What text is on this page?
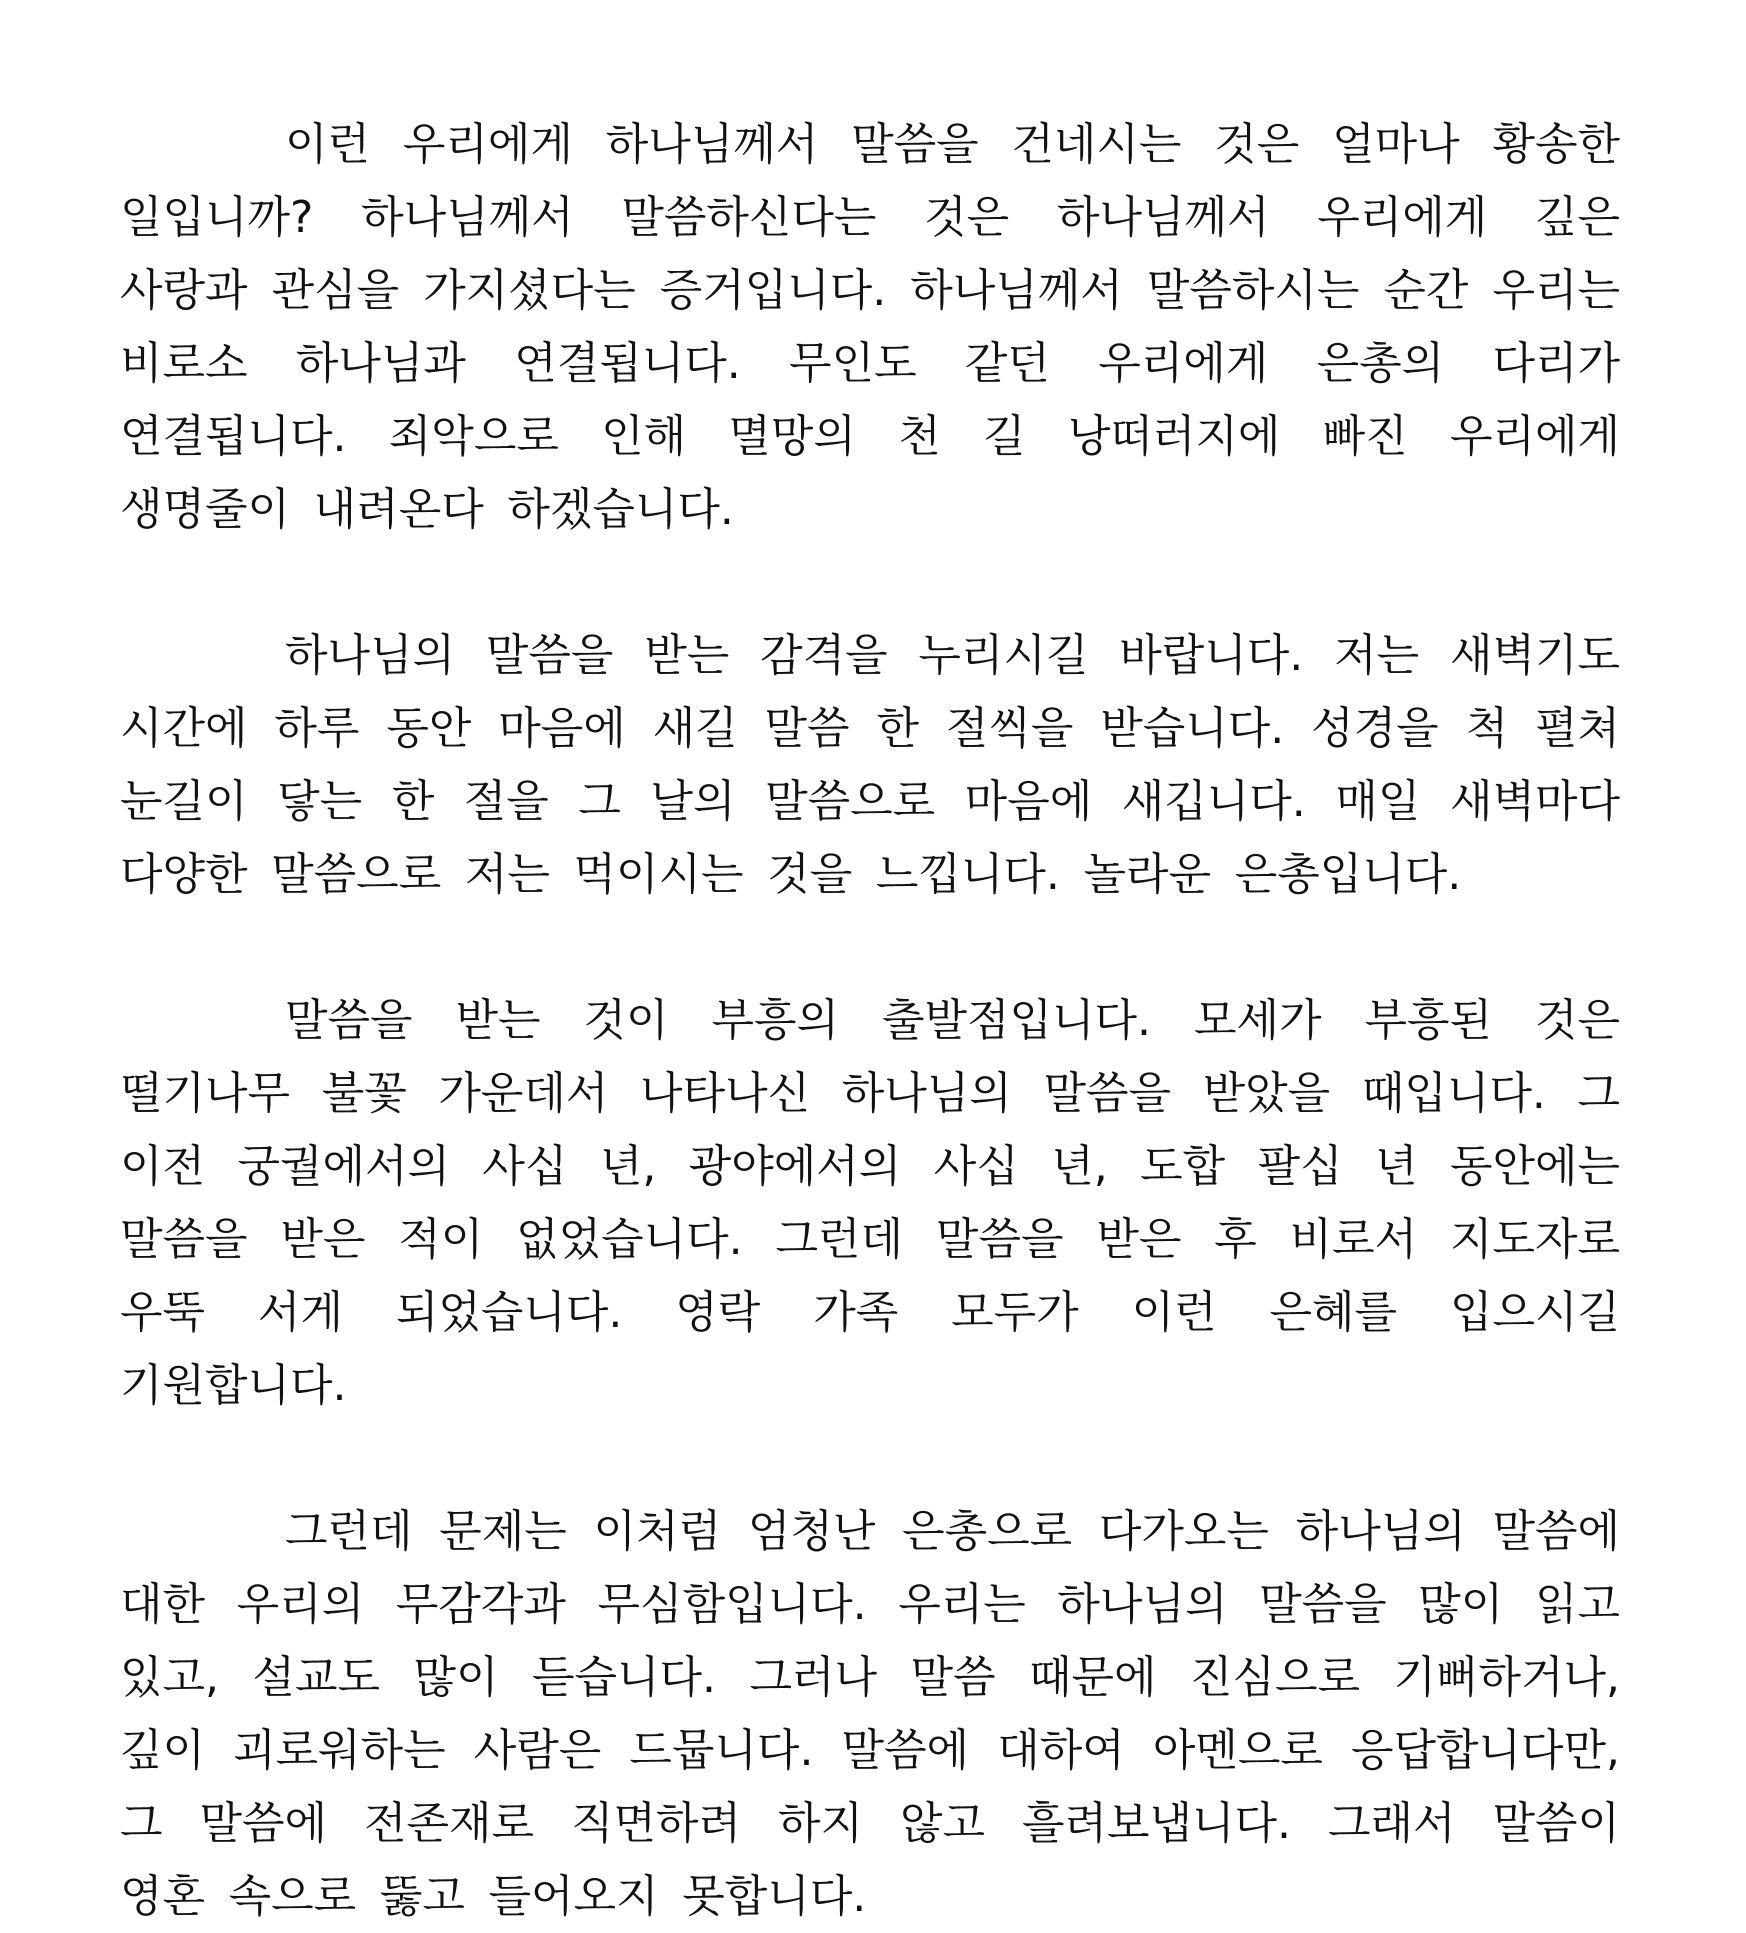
이런 우리에게 하나님께서 말씀을 건네시는 것은 얼마나 황송한 일입니까? 하나님께서 말씀하신다는 것은 하나님께서 우리에게 깊은 사랑과 관심을 가지셨다는 증거입니다. 하나님께서 말씀하시는 순간 우리는 비로소 하나님과 연결됩니다. 무인도 같던 우리에게 은총의 다리가 연결됩니다. 죄악으로 인해 멸망의 천 길 낭떠러지에 빠진 우리에게 생명줄이 내려온다 하겠습니다.

하나님의 말씀을 받는 감격을 누리시길 바랍니다. 저는 새벽기도 시간에 하루 동안 마음에 새길 말씀 한 절씩을 받습니다. 성경을 척 펼쳐 눈길이 닿는 한 절을 그 날의 말씀으로 마음에 새깁니다. 매일 새벽마다 다양한 말씀으로 저는 먹이시는 것을 느낍니다. 놀라운 은총입니다.

말씀을 받는 것이 부흥의 출발점입니다. 모세가 부흥된 것은 떨기나무 불꽃 가운데서 나타나신 하나님의 말씀을 받았을 때입니다. 그 이전 궁궐에서의 사십 년, 광야에서의 사십 년, 도합 팔십 년 동안에는 말씀을 받은 적이 없었습니다. 그런데 말씀을 받은 후 비로서 지도자로 우뚝 서게 되었습니다. 영락 가족 모두가 이런 은혜를 입으시길 기원합니다.

그런데 문제는 이처럼 엄청난 은총으로 다가오는 하나님의 말씀에 대한 우리의 무감각과 무심함입니다. 우리는 하나님의 말씀을 많이 읽고 있고, 설교도 많이 듣습니다. 그러나 말씀 때문에 진심으로 기뻐하거나, 깊이 괴로워하는 사람은 드뭅니다. 말씀에 대하여 아멘으로 응답합니다만, 그 말씀에 전존재로 직면하려 하지 않고 흘려보냅니다. 그래서 말씀이 영혼 속으로 뚫고 들어오지 못합니다.
